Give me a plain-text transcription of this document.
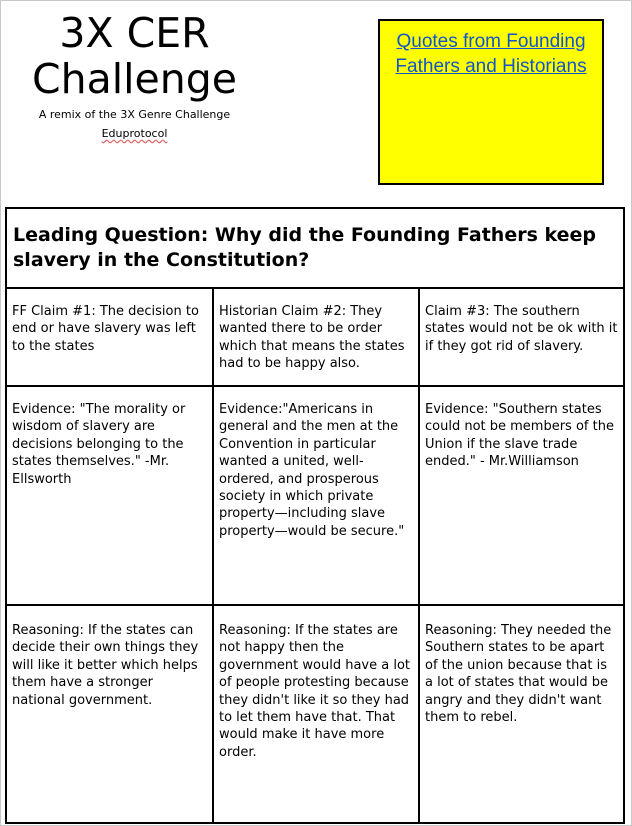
3X CER
Challenge
A remix of the 3X Genre Challenge
Eduprotocol
Quotes from Founding Fathers and Historians
Leading Question: Why did the Founding Fathers keep slavery in the Constitution?
FF Claim #1: The decision to end or have slavery was left to the states
Historian Claim #2: They wanted there to be order which that means the states had to be happy also.
Claim #3: The southern states would not be ok with it if they got rid of slavery.
Evidence: "The morality or wisdom of slavery are decisions belonging to the states themselves." -Mr. Ellsworth
Evidence:"Americans in general and the men at the Convention in particular wanted a united, well-ordered, and prosperous society in which private property—including slave property—would be secure."
Evidence: "Southern states could not be members of the Union if the slave trade ended." - Mr.Williamson
Reasoning: If the states can decide their own things they will like it better which helps them have a stronger national government.
Reasoning: If the states are not happy then the government would have a lot of people protesting because they didn't like it so they had to let them have that. That would make it have more order.
Reasoning: They needed the Southern states to be apart of the union because that is a lot of states that would be angry and they didn't want them to rebel.
